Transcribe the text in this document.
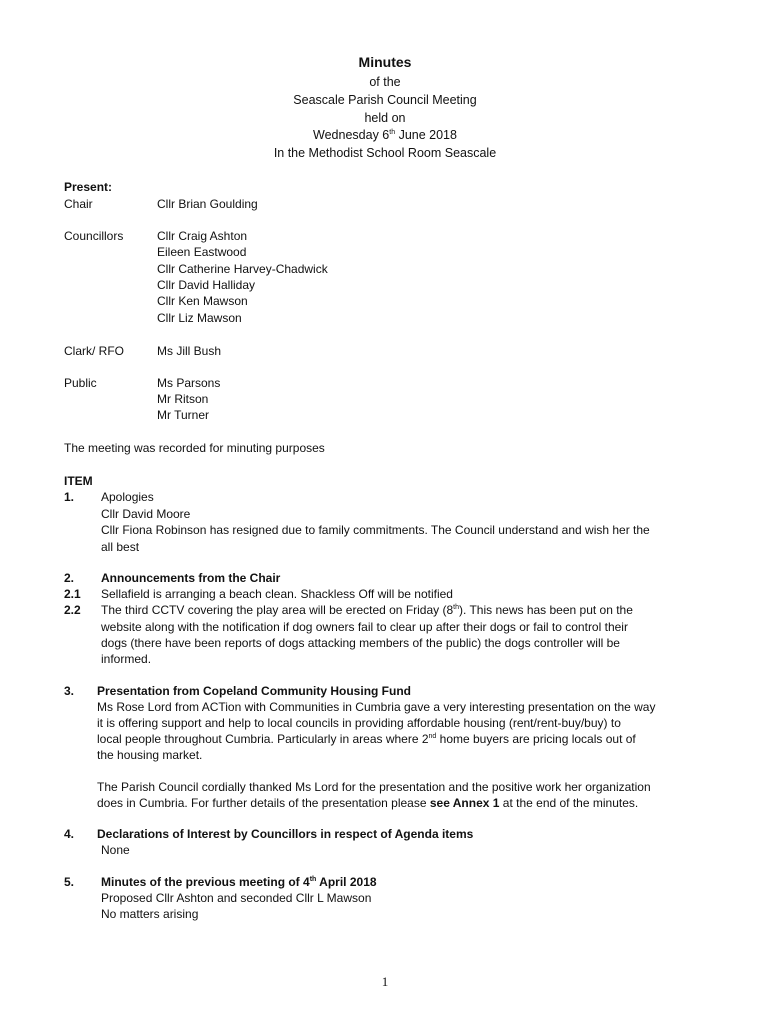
Minutes
of the
Seascale Parish Council Meeting
held on
Wednesday 6th June 2018
In the Methodist School Room Seascale
Present:
Chair	Cllr Brian Goulding
Councillors	Cllr Craig Ashton
Eileen Eastwood
Cllr Catherine Harvey-Chadwick
Cllr David Halliday
Cllr Ken Mawson
Cllr Liz Mawson
Clark/ RFO	Ms Jill Bush
Public	Ms Parsons
Mr Ritson
Mr Turner
The meeting was recorded for minuting purposes
ITEM
1. Apologies
Cllr David Moore
Cllr Fiona Robinson has resigned due to family commitments. The Council understand and wish her the
all best
2. Announcements from the Chair
2.1 Sellafield is arranging a beach clean. Shackless Off will be notified
2.2 The third CCTV covering the play area will be erected on Friday (8th). This news has been put on the
website along with the notification if dog owners fail to clear up after their dogs or fail to control their
dogs (there have been reports of dogs attacking members of the public) the dogs controller will be
informed.
3. Presentation from Copeland Community Housing Fund
Ms Rose Lord from ACTion with Communities in Cumbria gave a very interesting presentation on the way
it is offering support and help to local councils in providing affordable housing (rent/rent-buy/buy) to
local people throughout Cumbria. Particularly in areas where 2nd home buyers are pricing locals out of
the housing market.
The Parish Council cordially thanked Ms Lord for the presentation and the positive work her organization
does in Cumbria. For further details of the presentation please see Annex 1 at the end of the minutes.
4. Declarations of Interest by Councillors in respect of Agenda items
None
5. Minutes of the previous meeting of 4th April 2018
Proposed Cllr Ashton and seconded Cllr L Mawson
No matters arising
1
